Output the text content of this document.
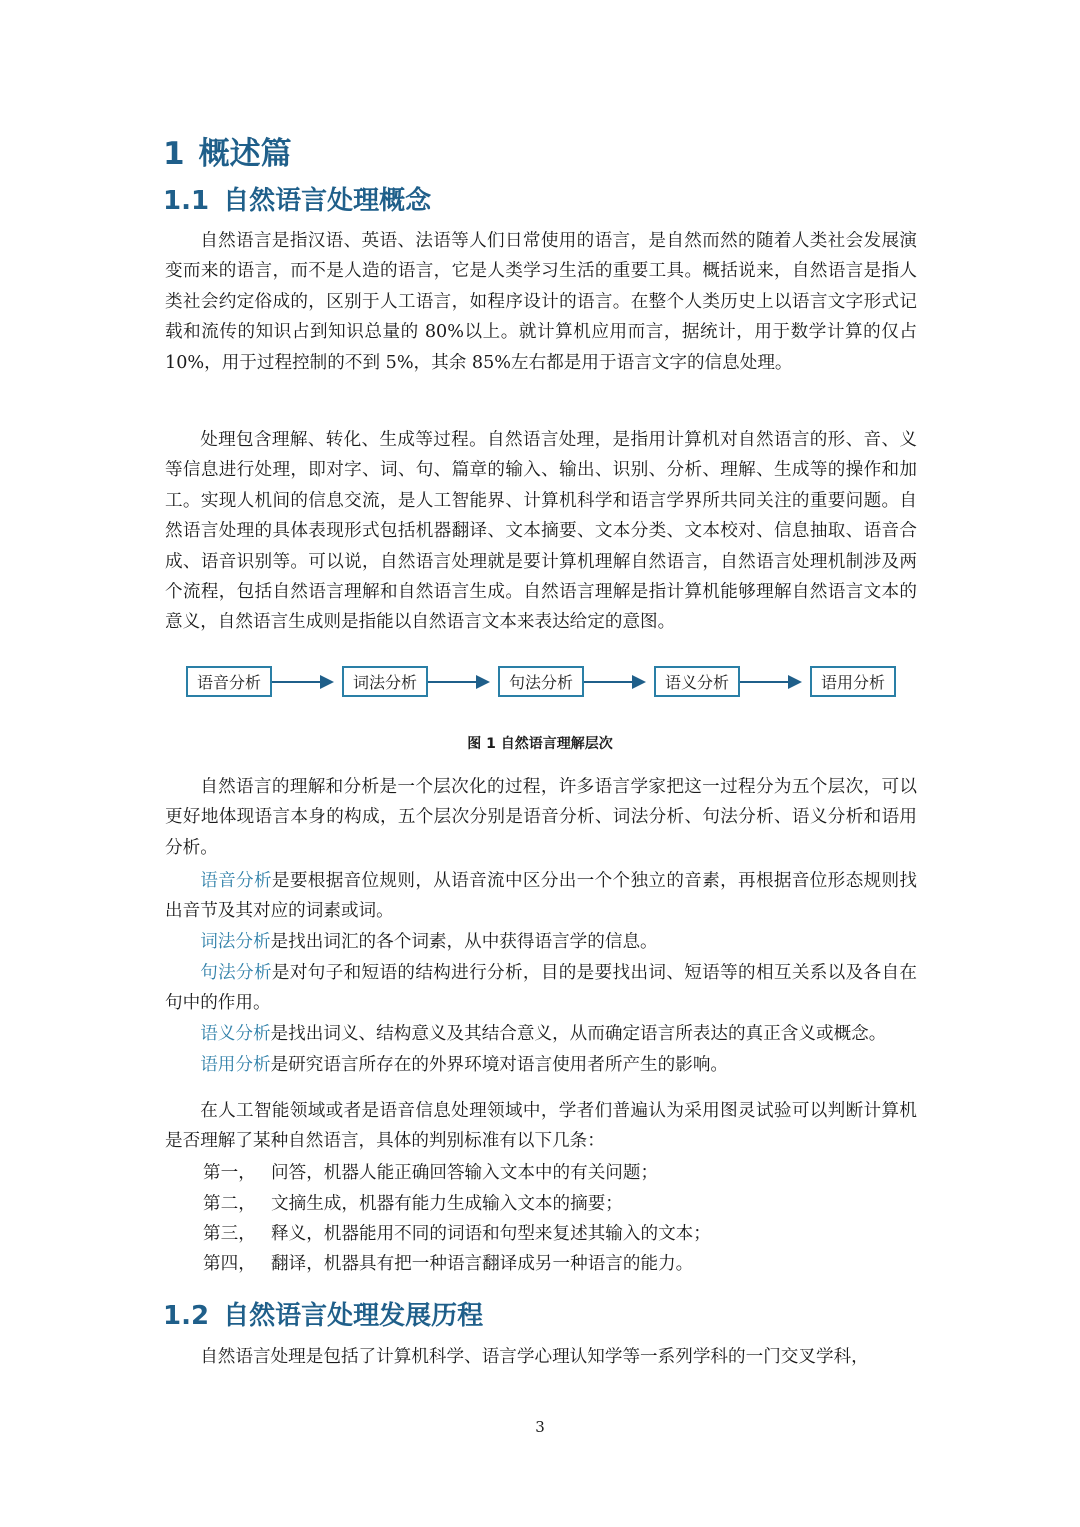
1 概述篇
1.1 自然语言处理概念

自然语言是指汉语、英语、法语等人们日常使用的语言，是自然而然的随着人类社会发展演变而来的语言，而不是人造的语言，它是人类学习生活的重要工具。概括说来，自然语言是指人类社会约定俗成的，区别于人工语言，如程序设计的语言。在整个人类历史上以语言文字形式记载和流传的知识占到知识总量的 80%以上。就计算机应用而言，据统计，用于数学计算的仅占 10%，用于过程控制的不到 5%，其余 85%左右都是用于语言文字的信息处理。

处理包含理解、转化、生成等过程。自然语言处理，是指用计算机对自然语言的形、音、义等信息进行处理，即对字、词、句、篇章的输入、输出、识别、分析、理解、生成等的操作和加工。实现人机间的信息交流，是人工智能界、计算机科学和语言学界所共同关注的重要问题。自然语言处理的具体表现形式包括机器翻译、文本摘要、文本分类、文本校对、信息抽取、语音合成、语音识别等。可以说，自然语言处理就是要计算机理解自然语言，自然语言处理机制涉及两个流程，包括自然语言理解和自然语言生成。自然语言理解是指计算机能够理解自然语言文本的意义，自然语言生成则是指能以自然语言文本来表达给定的意图。

语音分析	词法分析	句法分析	语义分析	语用分析

图 1 自然语言理解层次

自然语言的理解和分析是一个层次化的过程，许多语言学家把这一过程分为五个层次，可以更好地体现语言本身的构成，五个层次分别是语音分析、词法分析、句法分析、语义分析和语用分析。

语音分析是要根据音位规则，从语音流中区分出一个个独立的音素，再根据音位形态规则找出音节及其对应的词素或词。

词法分析是找出词汇的各个词素，从中获得语言学的信息。

句法分析是对句子和短语的结构进行分析，目的是要找出词、短语等的相互关系以及各自在句中的作用。

语义分析是找出词义、结构意义及其结合意义，从而确定语言所表达的真正含义或概念。

语用分析是研究语言所存在的外界环境对语言使用者所产生的影响。

在人工智能领域或者是语音信息处理领域中，学者们普遍认为采用图灵试验可以判断计算机是否理解了某种自然语言，具体的判别标准有以下几条：

第一， 问答，机器人能正确回答输入文本中的有关问题；

第二， 文摘生成，机器有能力生成输入文本的摘要；

第三， 释义，机器能用不同的词语和句型来复述其输入的文本；

第四， 翻译，机器具有把一种语言翻译成另一种语言的能力。

1.2 自然语言处理发展历程

自然语言处理是包括了计算机科学、语言学心理认知学等一系列学科的一门交叉学科，

3
